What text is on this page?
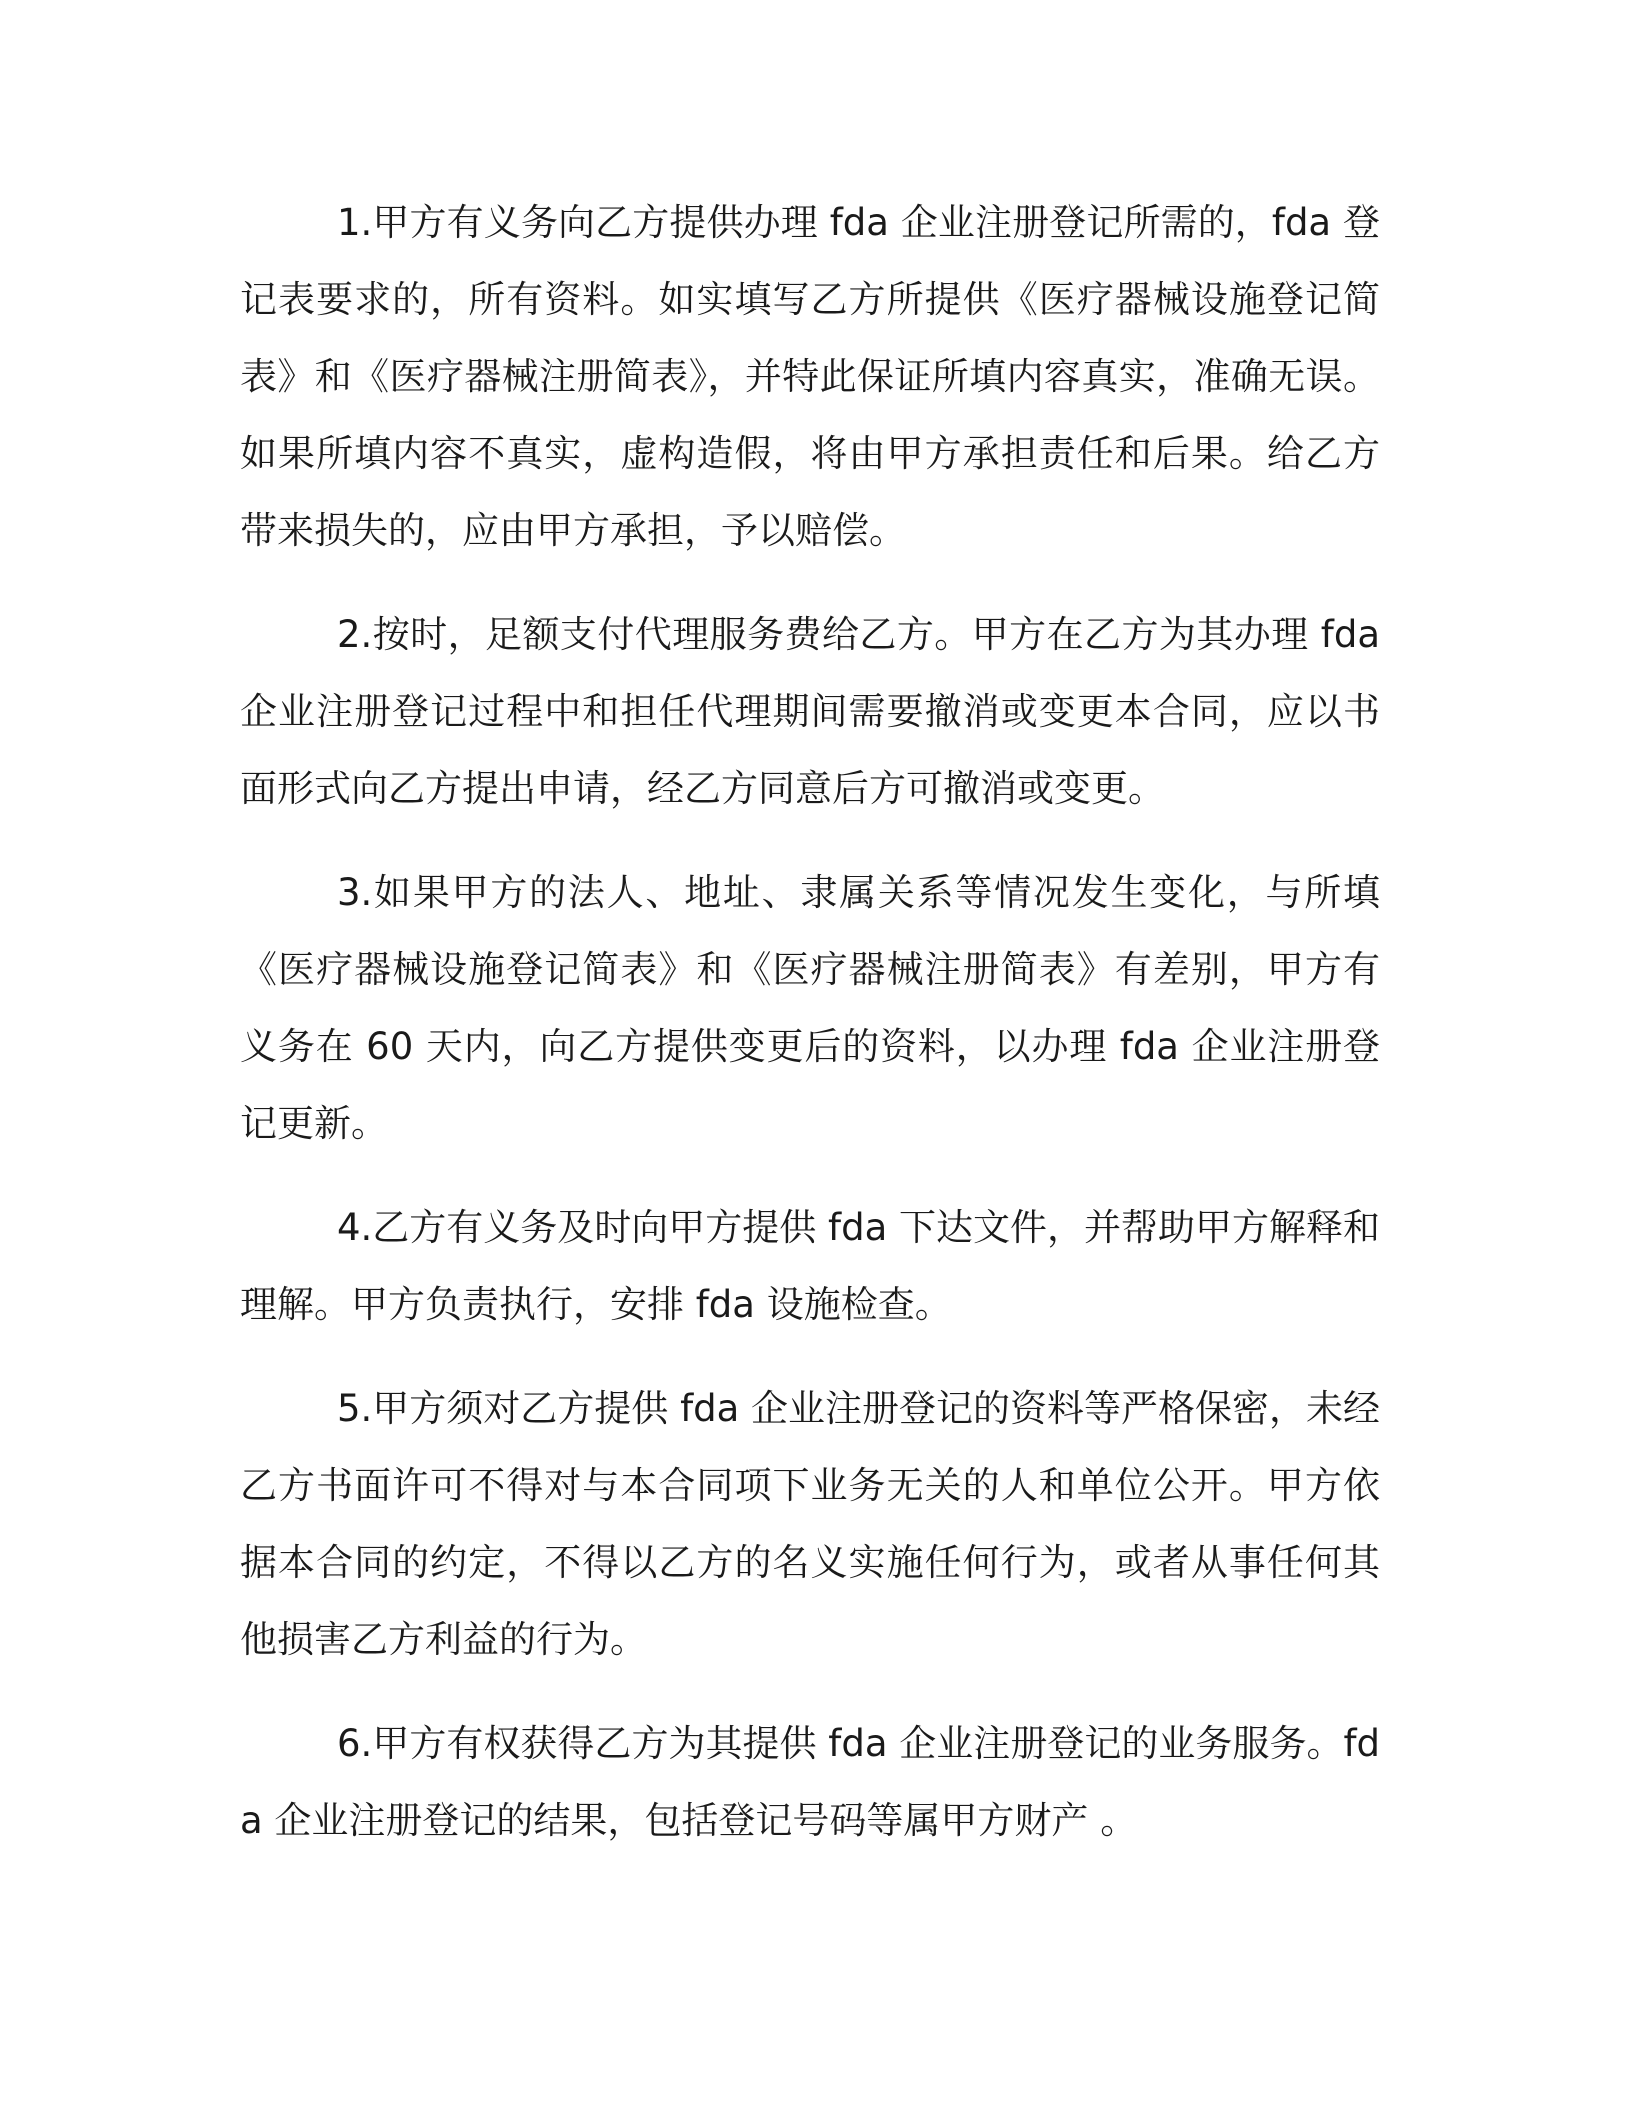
1.甲方有义务向乙方提供办理 fda 企业注册登记所需的，fda 登记表要求的，所有资料。如实填写乙方所提供《医疗器械设施登记简表》和《医疗器械注册简表》，并特此保证所填内容真实，准确无误。如果所填内容不真实，虚构造假，将由甲方承担责任和后果。给乙方带来损失的，应由甲方承担，予以赔偿。

2.按时，足额支付代理服务费给乙方。甲方在乙方为其办理 fda 企业注册登记过程中和担任代理期间需要撤消或变更本合同，应以书面形式向乙方提出申请，经乙方同意后方可撤消或变更。

3.如果甲方的法人、地址、隶属关系等情况发生变化，与所填《医疗器械设施登记简表》和《医疗器械注册简表》有差别，甲方有义务在 60 天内，向乙方提供变更后的资料，以办理 fda 企业注册登记更新。

4.乙方有义务及时向甲方提供 fda 下达文件，并帮助甲方解释和理解。甲方负责执行，安排 fda 设施检查。

5.甲方须对乙方提供 fda 企业注册登记的资料等严格保密，未经乙方书面许可不得对与本合同项下业务无关的人和单位公开。甲方依据本合同的约定，不得以乙方的名义实施任何行为，或者从事任何其他损害乙方利益的行为。

6.甲方有权获得乙方为其提供 fda 企业注册登记的业务服务。fda 企业注册登记的结果，包括登记号码等属甲方财产 。
